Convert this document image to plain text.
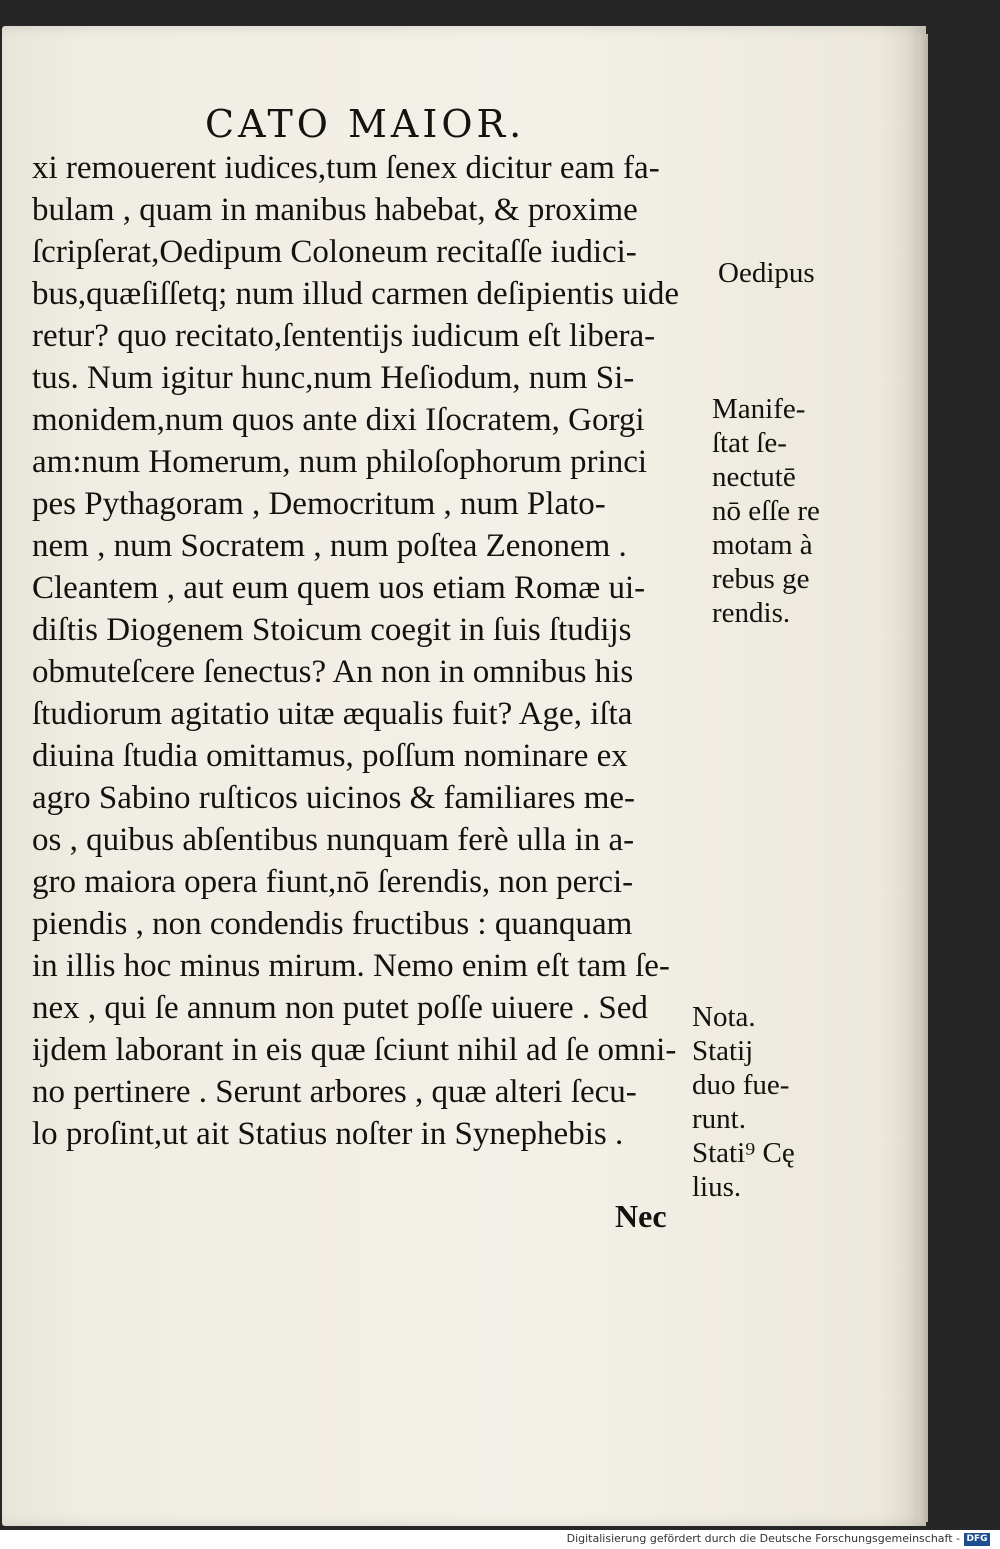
CATO MAIOR.
xi remouerent iudices,tum ſenex dicitur eam fa-
bulam , quam in manibus habebat, & proxime
ſcripſerat,Oedipum Coloneum recitaſſe iudici-
bus,quæſiſſetq; num illud carmen deſipientis uide
retur? quo recitato,ſententijs iudicum eſt libera-
tus. Num igitur hunc,num Heſiodum, num Si-
monidem,num quos ante dixi Iſocratem, Gorgi
am:num Homerum, num philoſophorum princi
pes Pythagoram , Democritum , num Plato-
nem , num Socratem , num poſtea Zenonem .
Cleantem , aut eum quem uos etiam Romæ ui-
diſtis Diogenem Stoicum coegit in ſuis ſtudijs
obmuteſcere ſenectus? An non in omnibus his
ſtudiorum agitatio uitæ æqualis fuit? Age, iſta
diuina ſtudia omittamus, poſſum nominare ex
agro Sabino ruſticos uicinos & familiares me-
os , quibus abſentibus nunquam ferè ulla in a-
gro maiora opera fiunt,nō ſerendis, non perci-
piendis , non condendis fructibus : quanquam
in illis hoc minus mirum. Nemo enim eſt tam ſe-
nex , qui ſe annum non putet poſſe uiuere . Sed
ijdem laborant in eis quæ ſciunt nihil ad ſe omni-
no pertinere . Serunt arbores , quæ alteri ſecu-
lo proſint,ut ait Statius noſter in Synephebis .
Nec
Oedipus
Manife-
ſtat ſe-
nectutē
nō eſſe re
motam à
rebus ge
rendis.
Nota.
Statij
duo fue-
runt.
Stati⁹ Cę
lius.
Digitalisierung gefördert durch die Deutsche Forschungsgemeinschaft - DFG
